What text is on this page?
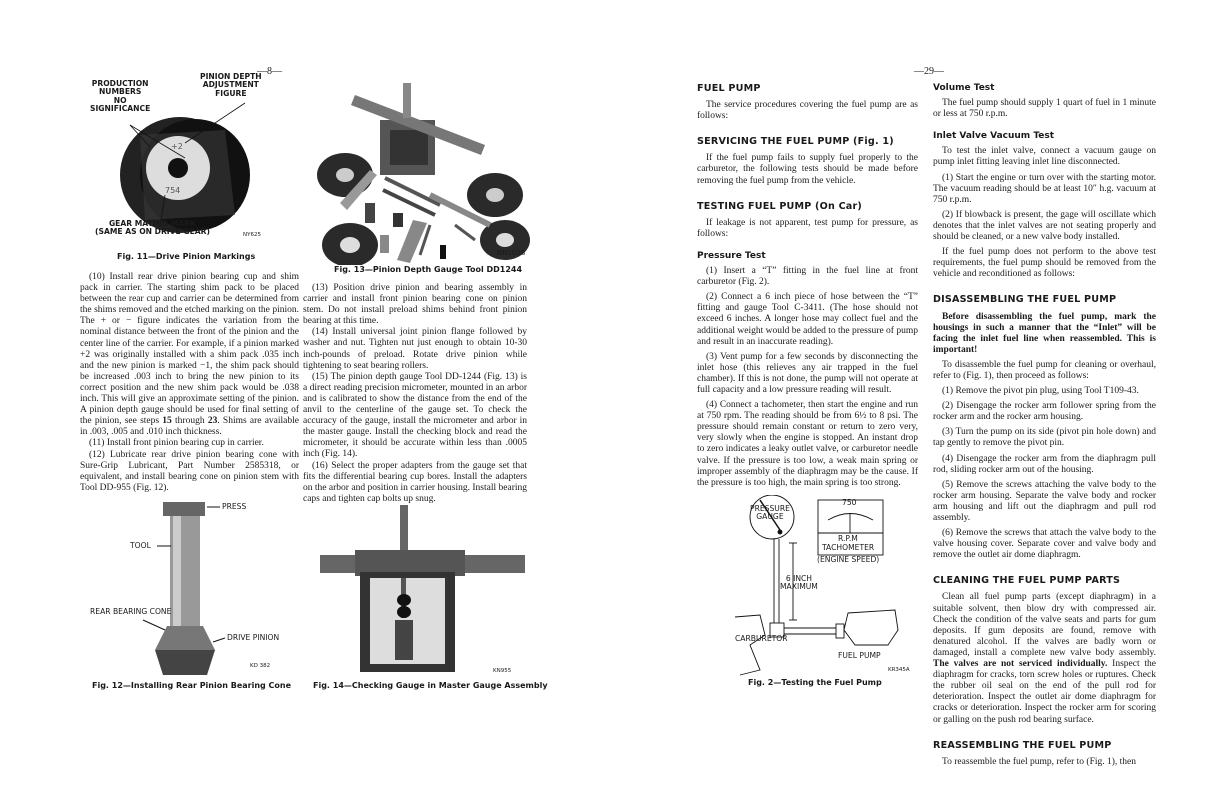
—8—
+2
754
PRODUCTION
NUMBERS
NO
SIGNIFICANCE
PINION DEPTH
ADJUSTMENT
FIGURE
GEAR MATING MARK
(SAME AS ON DRIVE GEAR)	NY625
Fig. 11—Drive Pinion Markings

(10) Install rear drive pinion bearing cup and shim pack in carrier. The starting shim pack to be placed between the rear cup and carrier can be determined from the shims removed and the etched marking on the pinion. The + or − figure indicates the variation from the nominal distance between the front of the pinion and the center line of the carrier. For example, if a pinion marked +2 was originally installed with a shim pack .035 inch and the new pinion is marked −1, the shim pack should be increased .003 inch to bring the new pinion to its correct position and the new shim pack would be .038 inch. This will give an approximate setting of the pinion. A pinion depth gauge should be used for final setting of the pinion, see steps 15 through 23. Shims are available in .003, .005 and .010 inch thickness.

(11) Install front pinion bearing cup in carrier.

(12) Lubricate rear drive pinion bearing cone with Sure-Grip Lubricant, Part Number 2585318, or equivalent, and install bearing cone on pinion stem with Tool DD-955 (Fig. 12).

NN1028
Fig. 13—Pinion Depth Gauge Tool DD1244

(13) Position drive pinion and bearing assembly in carrier and install front pinion bearing cone on pinion stem. Do not install preload shims behind front pinion bearing at this time.

(14) Install universal joint pinion flange followed by washer and nut. Tighten nut just enough to obtain 10-30 inch-pounds of preload. Rotate drive pinion while tightening to seat bearing rollers.

(15) The pinion depth gauge Tool DD-1244 (Fig. 13) is a direct reading precision micrometer, mounted in an arbor and is calibrated to show the distance from the end of the anvil to the centerline of the gauge set. To check the accuracy of the gauge, install the micrometer and arbor in the master gauge. Install the checking block and read the micrometer, it should be accurate within less than .0005 inch (Fig. 14).

(16) Select the proper adapters from the gauge set that fits the differential bearing cup bores. Install the adapters on the arbor and position in carrier housing. Install bearing caps and tighten cap bolts up snug.

PRESS
TOOL
REAR BEARING CONE
DRIVE PINION
KD 382
Fig. 12—Installing Rear Pinion Bearing Cone
KN955
Fig. 14—Checking Gauge in Master Gauge Assembly
—29—
FUEL PUMP

The service procedures covering the fuel pump are as follows:

SERVICING THE FUEL PUMP (Fig. 1)

If the fuel pump fails to supply fuel properly to the carburetor, the following tests should be made before removing the fuel pump from the vehicle.

TESTING FUEL PUMP (On Car)

If leakage is not apparent, test pump for pressure, as follows:

Pressure Test

(1) Insert a “T” fitting in the fuel line at front carburetor (Fig. 2).

(2) Connect a 6 inch piece of hose between the “T” fitting and gauge Tool C-3411. (The hose should not exceed 6 inches. A longer hose may collect fuel and the additional weight would be added to the pressure of pump and result in an inaccurate reading).

(3) Vent pump for a few seconds by disconnecting the inlet hose (this relieves any air trapped in the fuel chamber). If this is not done, the pump will not operate at full capacity and a low pressure reading will result.

(4) Connect a tachometer, then start the engine and run at 750 rpm. The reading should be from 6½ to 8 psi. The pressure should remain constant or return to zero very, very slowly when the engine is stopped. An instant drop to zero indicates a leaky outlet valve, or carburetor needle valve. If the pressure is too low, a weak main spring or improper assembly of the diaphragm may be the cause. If the pressure is too high, the main spring is too strong.

PRESSURE
GAUGE
750
R.P.M
TACHOMETER
(ENGINE SPEED)
6 INCH
MAXIMUM
CARBURETOR
FUEL PUMP
KR345A
Fig. 2—Testing the Fuel Pump
Volume Test

The fuel pump should supply 1 quart of fuel in 1 minute or less at 750 r.p.m.

Inlet Valve Vacuum Test

To test the inlet valve, connect a vacuum gauge on pump inlet fitting leaving inlet line disconnected.

(1) Start the engine or turn over with the starting motor. The vacuum reading should be at least 10″ h.g. vacuum at 750 r.p.m.

(2) If blowback is present, the gage will oscillate which denotes that the inlet valves are not seating properly and should be cleaned, or a new valve body installed.

If the fuel pump does not perform to the above test requirements, the fuel pump should be removed from the vehicle and reconditioned as follows:

DISASSEMBLING THE FUEL PUMP

Before disassembling the fuel pump, mark the housings in such a manner that the “Inlet” will be facing the inlet fuel line when reassembled. This is important!

To disassemble the fuel pump for cleaning or overhaul, refer to (Fig. 1), then proceed as follows:

(1) Remove the pivot pin plug, using Tool T109-43.

(2) Disengage the rocker arm follower spring from the rocker arm and the rocker arm housing.

(3) Turn the pump on its side (pivot pin hole down) and tap gently to remove the pivot pin.

(4) Disengage the rocker arm from the diaphragm pull rod, sliding rocker arm out of the housing.

(5) Remove the screws attaching the valve body to the rocker arm housing. Separate the valve body and rocker arm housing and lift out the diaphragm and pull rod assembly.

(6) Remove the screws that attach the valve body to the valve housing cover. Separate cover and valve body and remove the outlet air dome diaphragm.

CLEANING THE FUEL PUMP PARTS

Clean all fuel pump parts (except diaphragm) in a suitable solvent, then blow dry with compressed air. Check the condition of the valve seats and parts for gum deposits. If gum deposits are found, remove with denatured alcohol. If the valves are badly worn or damaged, install a complete new valve body assembly. The valves are not serviced individually. Inspect the diaphragm for cracks, torn screw holes or ruptures. Check the rubber oil seal on the end of the pull rod for deterioration. Inspect the outlet air dome diaphragm for cracks or deterioration. Inspect the rocker arm for scoring or galling on the push rod bearing surface.

REASSEMBLING THE FUEL PUMP

To reassemble the fuel pump, refer to (Fig. 1), then
